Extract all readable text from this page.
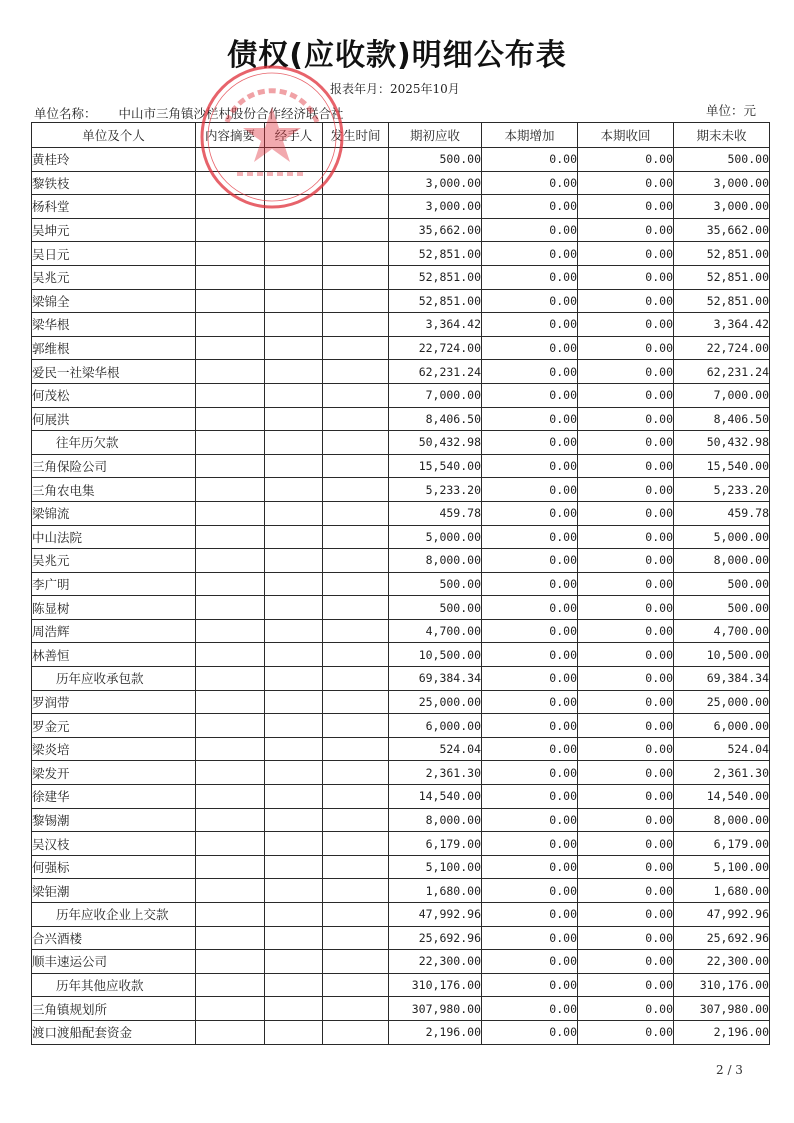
债权(应收款)明细公布表
报表年月：2025年10月
单位名称： 中山市三角镇沙栏村股份合作经济联合社	单位：元
单位及个人	内容摘要	经手人	发生时间	期初应收	本期增加	本期收回	期末未收
黄桂玲				500.00	0.00	0.00	500.00
黎铁枝				3,000.00	0.00	0.00	3,000.00
杨科堂				3,000.00	0.00	0.00	3,000.00
吴坤元				35,662.00	0.00	0.00	35,662.00
吴日元				52,851.00	0.00	0.00	52,851.00
吴兆元				52,851.00	0.00	0.00	52,851.00
梁锦全				52,851.00	0.00	0.00	52,851.00
梁华根				3,364.42	0.00	0.00	3,364.42
郭维根				22,724.00	0.00	0.00	22,724.00
爱民一社梁华根				62,231.24	0.00	0.00	62,231.24
何茂松				7,000.00	0.00	0.00	7,000.00
何展洪				8,406.50	0.00	0.00	8,406.50
往年历欠款				50,432.98	0.00	0.00	50,432.98
三角保险公司				15,540.00	0.00	0.00	15,540.00
三角农电集				5,233.20	0.00	0.00	5,233.20
梁锦流				459.78	0.00	0.00	459.78
中山法院				5,000.00	0.00	0.00	5,000.00
吴兆元				8,000.00	0.00	0.00	8,000.00
李广明				500.00	0.00	0.00	500.00
陈显树				500.00	0.00	0.00	500.00
周浩辉				4,700.00	0.00	0.00	4,700.00
林善恒				10,500.00	0.00	0.00	10,500.00
历年应收承包款				69,384.34	0.00	0.00	69,384.34
罗润带				25,000.00	0.00	0.00	25,000.00
罗金元				6,000.00	0.00	0.00	6,000.00
梁炎培				524.04	0.00	0.00	524.04
梁发开				2,361.30	0.00	0.00	2,361.30
徐建华				14,540.00	0.00	0.00	14,540.00
黎锡潮				8,000.00	0.00	0.00	8,000.00
吴汉枝				6,179.00	0.00	0.00	6,179.00
何强标				5,100.00	0.00	0.00	5,100.00
梁钜潮				1,680.00	0.00	0.00	1,680.00
历年应收企业上交款				47,992.96	0.00	0.00	47,992.96
合兴酒楼				25,692.96	0.00	0.00	25,692.96
顺丰速运公司				22,300.00	0.00	0.00	22,300.00
历年其他应收款				310,176.00	0.00	0.00	310,176.00
三角镇规划所				307,980.00	0.00	0.00	307,980.00
渡口渡船配套资金				2,196.00	0.00	0.00	2,196.00
2 / 3
